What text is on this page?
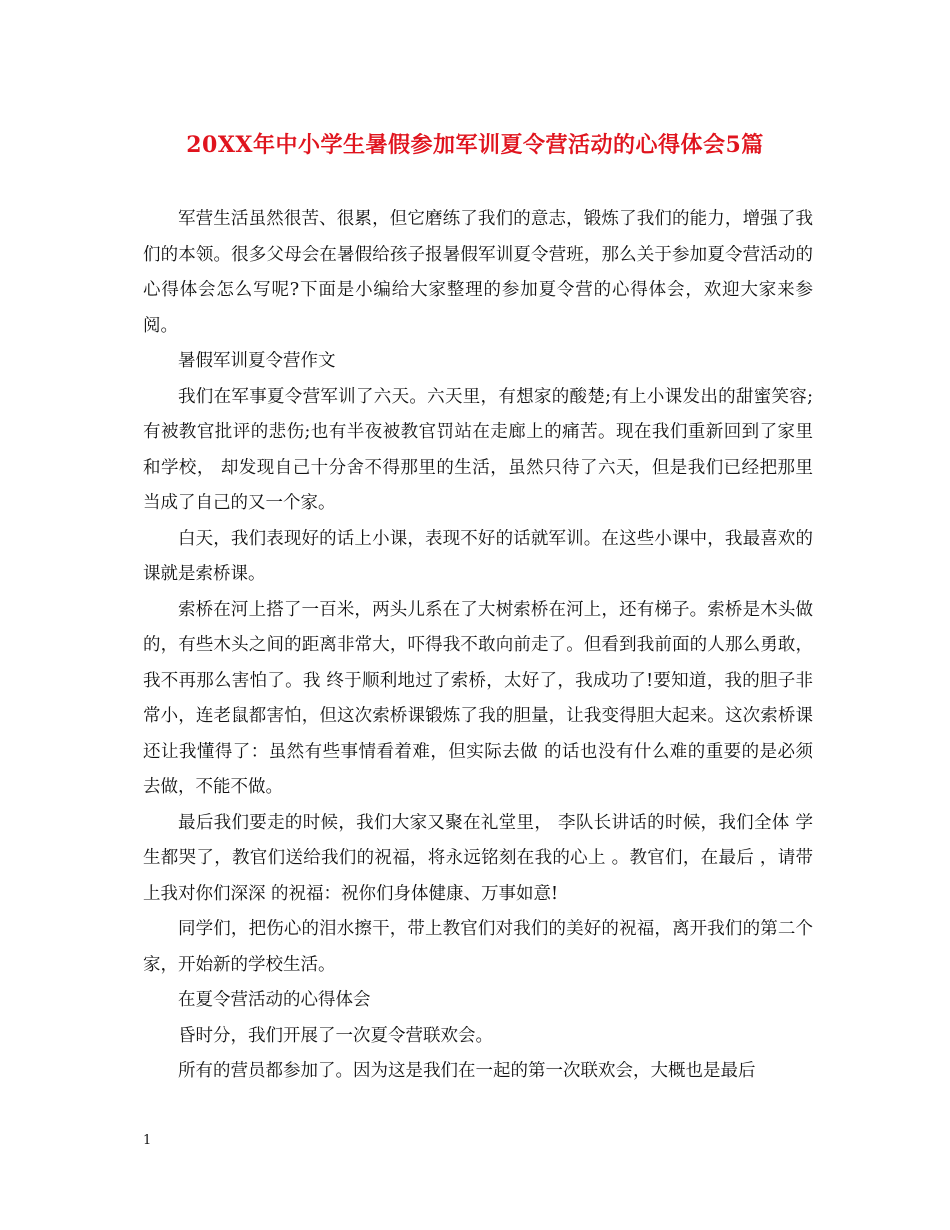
20XX年中小学生暑假参加军训夏令营活动的心得体会5篇

军营生活虽然很苦、很累，但它磨练了我们的意志，锻炼了我们的能力，增强了我们的本领。很多父母会在暑假给孩子报暑假军训夏令营班，那么关于参加夏令营活动的心得体会怎么写呢?下面是小编给大家整理的参加夏令营的心得体会，欢迎大家来参阅。

暑假军训夏令营作文

我们在军事夏令营军训了六天。六天里，有想家的酸楚;有上小课发出的甜蜜笑容;有被教官批评的悲伤;也有半夜被教官罚站在走廊上的痛苦。现在我们重新回到了家里和学校， 却发现自己十分舍不得那里的生活，虽然只待了六天，但是我们已经把那里当成了自己的又一个家。

白天，我们表现好的话上小课，表现不好的话就军训。在这些小课中，我最喜欢的课就是索桥课。

索桥在河上搭了一百米，两头儿系在了大树索桥在河上，还有梯子。索桥是木头做的，有些木头之间的距离非常大，吓得我不敢向前走了。但看到我前面的人那么勇敢，我不再那么害怕了。我 终于顺利地过了索桥，太好了，我成功了!要知道，我的胆子非常小，连老鼠都害怕，但这次索桥课锻炼了我的胆量，让我变得胆大起来。这次索桥课还让我懂得了：虽然有些事情看着难，但实际去做 的话也没有什么难的重要的是必须去做，不能不做。

最后我们要走的时候，我们大家又聚在礼堂里， 李队长讲话的时候，我们全体 学生都哭了，教官们送给我们的祝福，将永远铭刻在我的心上 。教官们，在最后 ，请带上我对你们深深 的祝福：祝你们身体健康、万事如意!

同学们，把伤心的泪水擦干，带上教官们对我们的美好的祝福，离开我们的第二个家，开始新的学校生活。

在夏令营活动的心得体会

昏时分，我们开展了一次夏令营联欢会。

所有的营员都参加了。因为这是我们在一起的第一次联欢会，大概也是最后

1
